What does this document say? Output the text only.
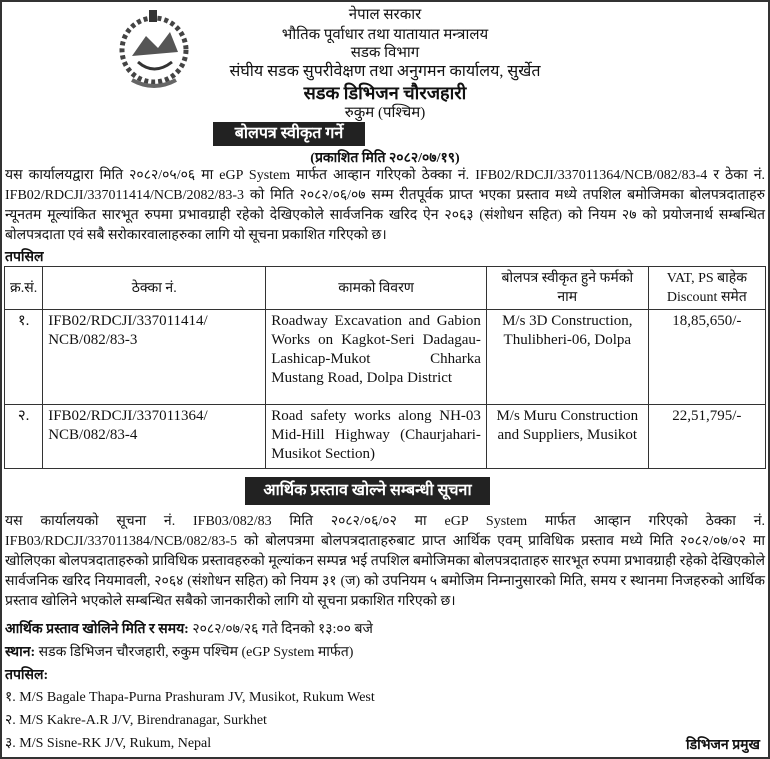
नेपाल सरकार
भौतिक पूर्वाधार तथा यातायात मन्त्रालय
सडक विभाग
संघीय सडक सुपरीवेक्षण तथा अनुगमन कार्यालय, सुर्खेत
सडक डिभिजन चौरजहारी
रुकुम (पश्चिम)
बोलपत्र स्वीकृत गर्ने आशयको सूचना
(प्रकाशित मिति २०८२/०७/१९)
यस कार्यालयद्वारा मिति २०८२/०५/०६ मा eGP System मार्फत आव्हान गरिएको ठेक्का नं. IFB02/RDCJI/337011364/NCB/082/83-4 र ठेका नं. IFB02/RDCJI/337011414/NCB/2082/83-3 को मिति २०८२/०६/०७ सम्म रीतपूर्वक प्राप्त भएका प्रस्ताव मध्ये तपशिल बमोजिमका बोलपत्रदाताहरु न्यूनतम मूल्यांकित सारभूत रुपमा प्रभावग्राही रहेको देखिएकोले सार्वजनिक खरिद ऐन २०६३ (संशोधन सहित) को नियम २७ को प्रयोजनार्थ सम्बन्धित बोलपत्रदाता एवं सबै सरोकारवालाहरुका लागि यो सूचना प्रकाशित गरिएको छ।
तपसिल
क्र.सं.	ठेक्का नं.	कामको विवरण	बोलपत्र स्वीकृत हुने फर्मको नाम	VAT, PS बाहेक Discount समेत
१.	IFB02/RDCJI/337011414/ NCB/082/83-3	Roadway Excavation and Gabion Works on Kagkot-Seri Dadagau-Lashicap-Mukot Chharka Mustang Road, Dolpa District	M/s 3D Construction, Thulibheri-06, Dolpa	18,85,650/-
२.	IFB02/RDCJI/337011364/ NCB/082/83-4	Road safety works along NH-03 Mid-Hill Highway (Chaurjahari-Musikot Section)	M/s Muru Construction and Suppliers, Musikot	22,51,795/-
आर्थिक प्रस्ताव खोल्ने सम्बन्धी सूचना
यस कार्यालयको सूचना नं. IFB03/082/83 मिति २०८२/०६/०२ मा eGP System मार्फत आव्हान गरिएको ठेक्का नं. IFB03/RDCJI/337011384/NCB/082/83-5 को बोलपत्रमा बोलपत्रदाताहरुबाट प्राप्त आर्थिक एवम् प्राविधिक प्रस्ताव मध्ये मिति २०८२/०७/०२ मा खोलिएका बोलपत्रदाताहरुको प्राविधिक प्रस्तावहरुको मूल्यांकन सम्पन्न भई तपशिल बमोजिमका बोलपत्रदाताहरु सारभूत रुपमा प्रभावग्राही रहेको देखिएकोले सार्वजनिक खरिद नियमावली, २०६४ (संशोधन सहित) को नियम ३१ (ज) को उपनियम ५ बमोजिम निम्नानुसारको मिति, समय र स्थानमा निजहरुको आर्थिक प्रस्ताव खोलिने भएकोले सम्बन्धित सबैको जानकारीको लागि यो सूचना प्रकाशित गरिएको छ।
आर्थिक प्रस्ताव खोलिने मिति र समय: २०८२/०७/२६ गते दिनको १३:०० बजे
स्थान: सडक डिभिजन चौरजहारी, रुकुम पश्चिम (eGP System मार्फत)
तपसिल:
१. M/S Bagale Thapa-Purna Prashuram JV, Musikot, Rukum West
२. M/S Kakre-A.R J/V, Birendranagar, Surkhet
३. M/S Sisne-RK J/V, Rukum, Nepal	डिभिजन प्रमुख
